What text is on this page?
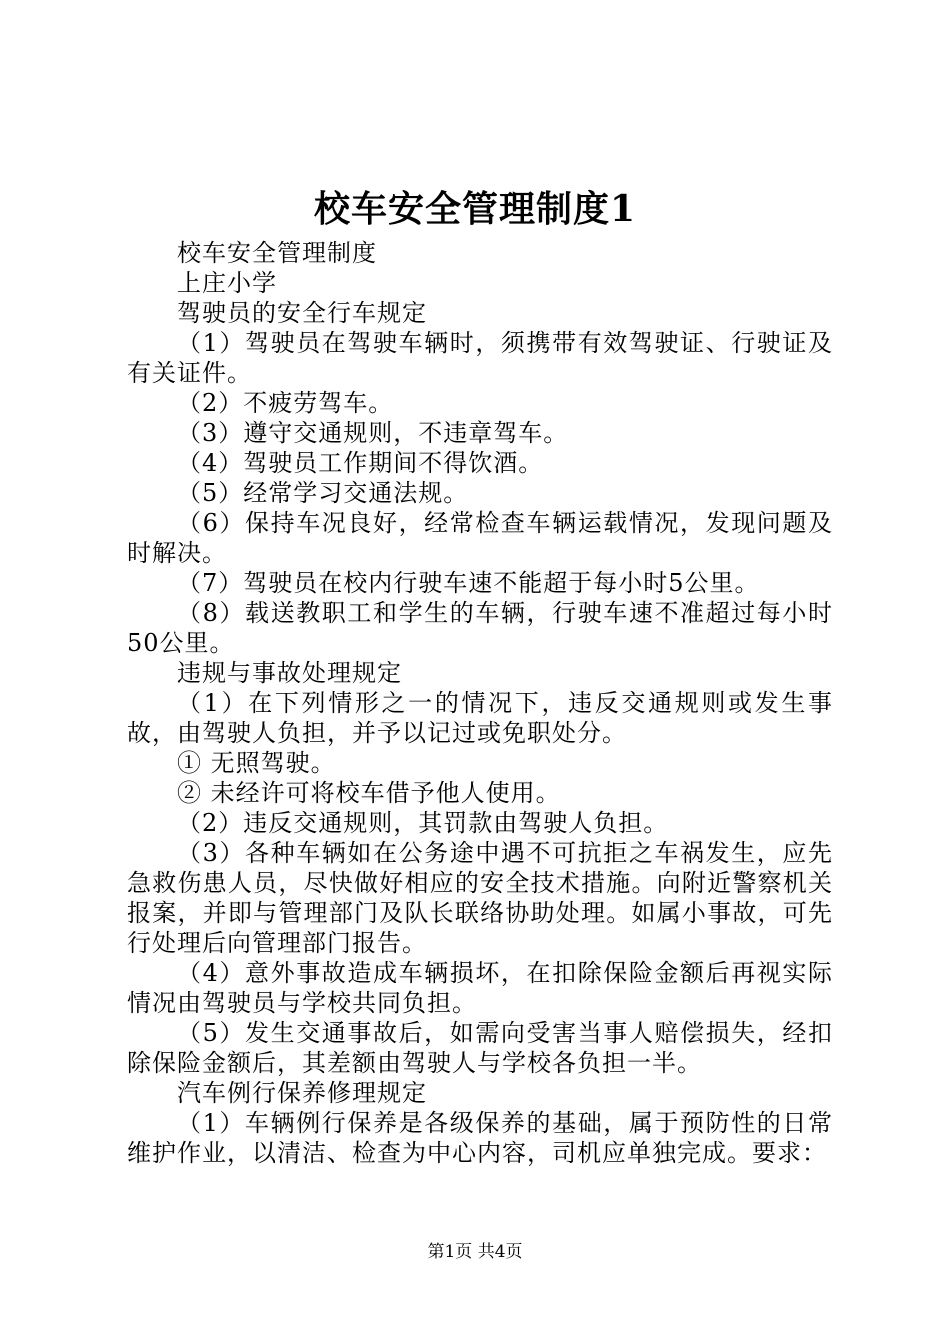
校车安全管理制度1

校车安全管理制度

上庄小学

驾驶员的安全行车规定

（1）驾驶员在驾驶车辆时，须携带有效驾驶证、行驶证及有关证件。

（2）不疲劳驾车。

（3）遵守交通规则，不违章驾车。

（4）驾驶员工作期间不得饮酒。

（5）经常学习交通法规。

（6）保持车况良好，经常检查车辆运载情况，发现问题及时解决。

（7）驾驶员在校内行驶车速不能超于每小时5公里。

（8）载送教职工和学生的车辆，行驶车速不准超过每小时50公里。

违规与事故处理规定

（1）在下列情形之一的情况下，违反交通规则或发生事故，由驾驶人负担，并予以记过或免职处分。

① 无照驾驶。

② 未经许可将校车借予他人使用。

（2）违反交通规则，其罚款由驾驶人负担。

（3）各种车辆如在公务途中遇不可抗拒之车祸发生，应先急救伤患人员，尽快做好相应的安全技术措施。向附近警察机关报案，并即与管理部门及队长联络协助处理。如属小事故，可先行处理后向管理部门报告。

（4）意外事故造成车辆损坏，在扣除保险金额后再视实际情况由驾驶员与学校共同负担。

（5）发生交通事故后，如需向受害当事人赔偿损失，经扣除保险金额后，其差额由驾驶人与学校各负担一半。

汽车例行保养修理规定

（1）车辆例行保养是各级保养的基础，属于预防性的日常维护作业，以清洁、检查为中心内容，司机应单独完成。要求：

第1页 共4页
